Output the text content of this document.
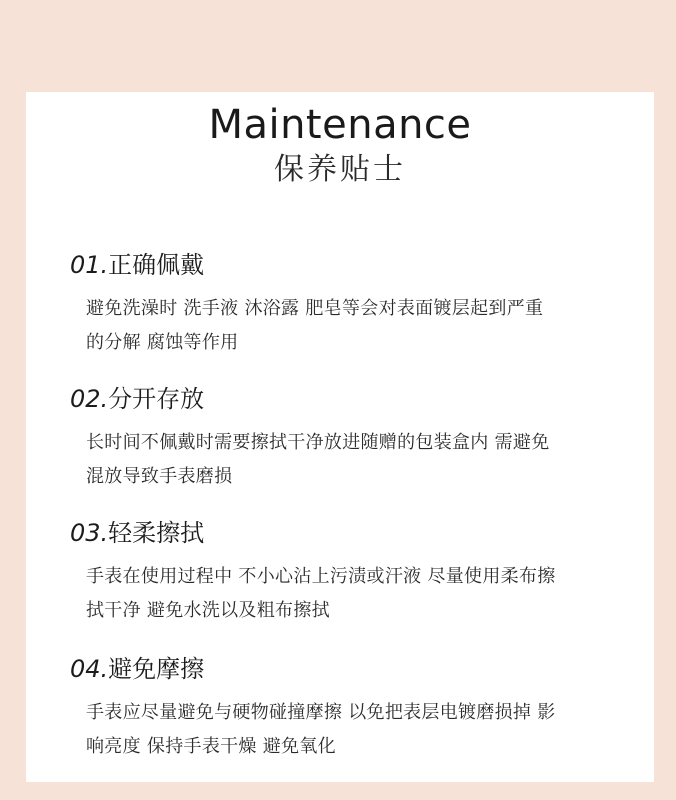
Maintenance
保养贴士
01.正确佩戴
避免洗澡时 洗手液 沐浴露 肥皂等会对表面镀层起到严重
的分解 腐蚀等作用
02.分开存放
长时间不佩戴时需要擦拭干净放进随赠的包装盒内 需避免
混放导致手表磨损
03.轻柔擦拭
手表在使用过程中 不小心沾上污渍或汗液 尽量使用柔布擦
拭干净 避免水洗以及粗布擦拭
04.避免摩擦
手表应尽量避免与硬物碰撞摩擦 以免把表层电镀磨损掉 影
响亮度 保持手表干燥 避免氧化
